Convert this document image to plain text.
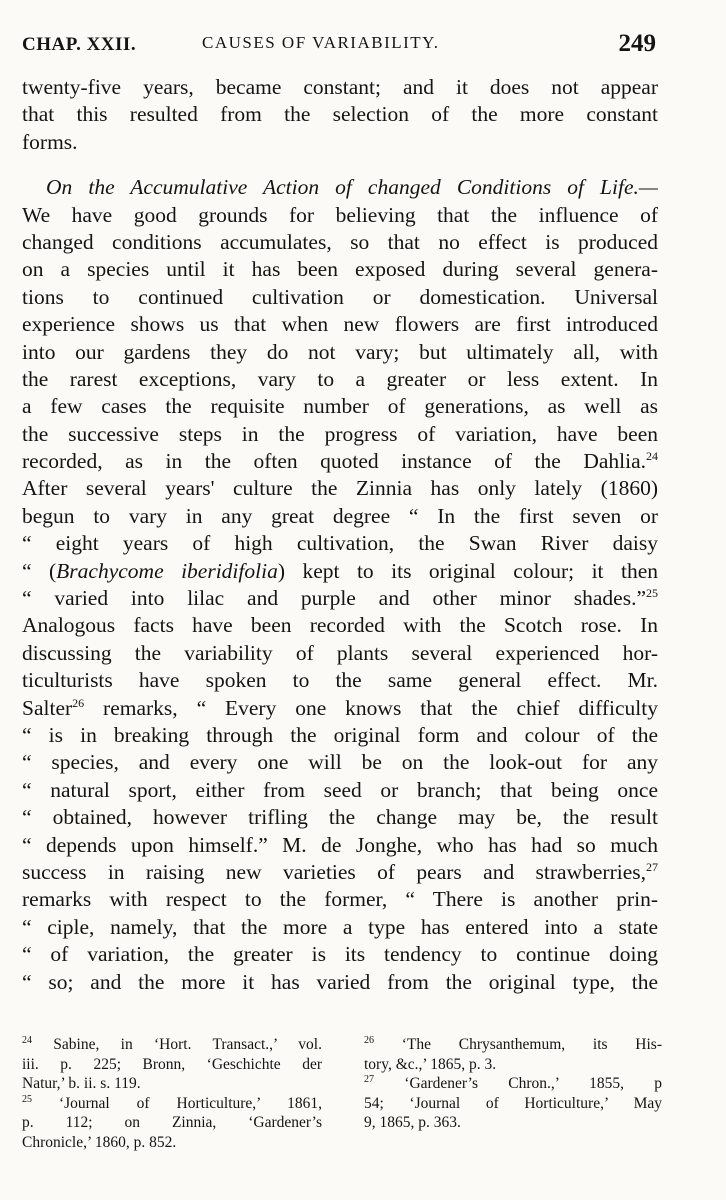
CHAP. XXII.	CAUSES OF VARIABILITY.	249
twenty-five years, became constant; and it does not appear
that this resulted from the selection of the more constant
forms.
On the Accumulative Action of changed Conditions of Life.—
We have good grounds for believing that the influence of
changed conditions accumulates, so that no effect is produced
on a species until it has been exposed during several genera-
tions to continued cultivation or domestication. Universal
experience shows us that when new flowers are first introduced
into our gardens they do not vary; but ultimately all, with
the rarest exceptions, vary to a greater or less extent. In
a few cases the requisite number of generations, as well as
the successive steps in the progress of variation, have been
recorded, as in the often quoted instance of the Dahlia.$^{24}$
After several years' culture the Zinnia has only lately (1860)
begun to vary in any great degree “ In the first seven or
“ eight years of high cultivation, the Swan River daisy
“ (Brachycome iberidifolia) kept to its original colour; it then
“ varied into lilac and purple and other minor shades.”$^{25}$
Analogous facts have been recorded with the Scotch rose. In
discussing the variability of plants several experienced hor-
ticulturists have spoken to the same general effect. Mr.
Salter$^{26}$ remarks, “ Every one knows that the chief difficulty
“ is in breaking through the original form and colour of the
“ species, and every one will be on the look-out for any
“ natural sport, either from seed or branch; that being once
“ obtained, however trifling the change may be, the result
“ depends upon himself.” M. de Jonghe, who has had so much
success in raising new varieties of pears and strawberries,$^{27}$
remarks with respect to the former, “ There is another prin-
“ ciple, namely, that the more a type has entered into a state
“ of variation, the greater is its tendency to continue doing
“ so; and the more it has varied from the original type, the
$^{24}$ Sabine, in ‘Hort. Transact.,’ vol.
iii. p. 225; Bronn, ‘Geschichte der
Natur,’ b. ii. s. 119.
$^{25}$ ‘Journal of Horticulture,’ 1861,
p. 112; on Zinnia, ‘Gardener’s
Chronicle,’ 1860, p. 852.
$^{26}$ ‘The Chrysanthemum, its His-
tory, &c.,’ 1865, p. 3.
$^{27}$ ‘Gardener’s Chron.,’ 1855, p
54; ‘Journal of Horticulture,’ May
9, 1865, p. 363.
